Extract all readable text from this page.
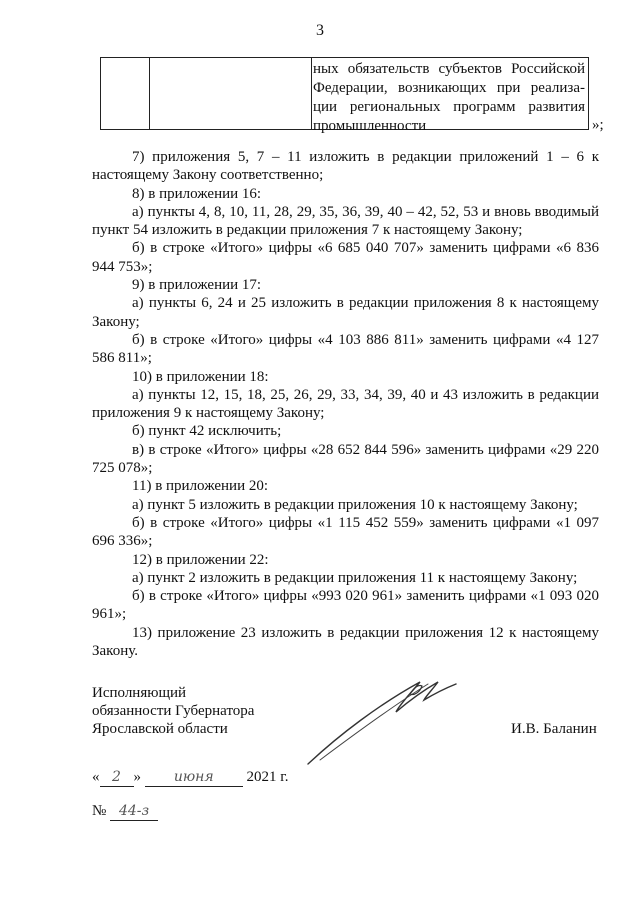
3
ных обязательств субъектов Российской
Федерации, возникающих при реализа-
ции региональных программ развития
промышленности	»;

7) приложения 5, 7 – 11 изложить в редакции приложений 1 – 6 к настоящему Закону соответственно;

8) в приложении 16:

а) пункты 4, 8, 10, 11, 28, 29, 35, 36, 39, 40 – 42, 52, 53 и вновь вводимый пункт 54 изложить в редакции приложения 7 к настоящему Закону;

б) в строке «Итого» цифры «6 685 040 707» заменить цифрами «6 836 944 753»;

9) в приложении 17:

а) пункты 6, 24 и 25 изложить в редакции приложения 8 к настоящему Закону;

б) в строке «Итого» цифры «4 103 886 811» заменить цифрами «4 127 586 811»;

10) в приложении 18:

а) пункты 12, 15, 18, 25, 26, 29, 33, 34, 39, 40 и 43 изложить в редакции приложения 9 к настоящему Закону;

б) пункт 42 исключить;

в) в строке «Итого» цифры «28 652 844 596» заменить цифрами «29 220 725 078»;

11) в приложении 20:

а) пункт 5 изложить в редакции приложения 10 к настоящему Закону;

б) в строке «Итого» цифры «1 115 452 559» заменить цифрами «1 097 696 336»;

12) в приложении 22:

а) пункт 2 изложить в редакции приложения 11 к настоящему Закону;

б) в строке «Итого» цифры «993 020 961» заменить цифрами «1 093 020 961»;

13) приложение 23 изложить в редакции приложения 12 к настоящему Закону.

Исполняющий
обязанности Губернатора
Ярославской области	И.В. Баланин
« 2 » июня 2021 г.
№ 44-з
